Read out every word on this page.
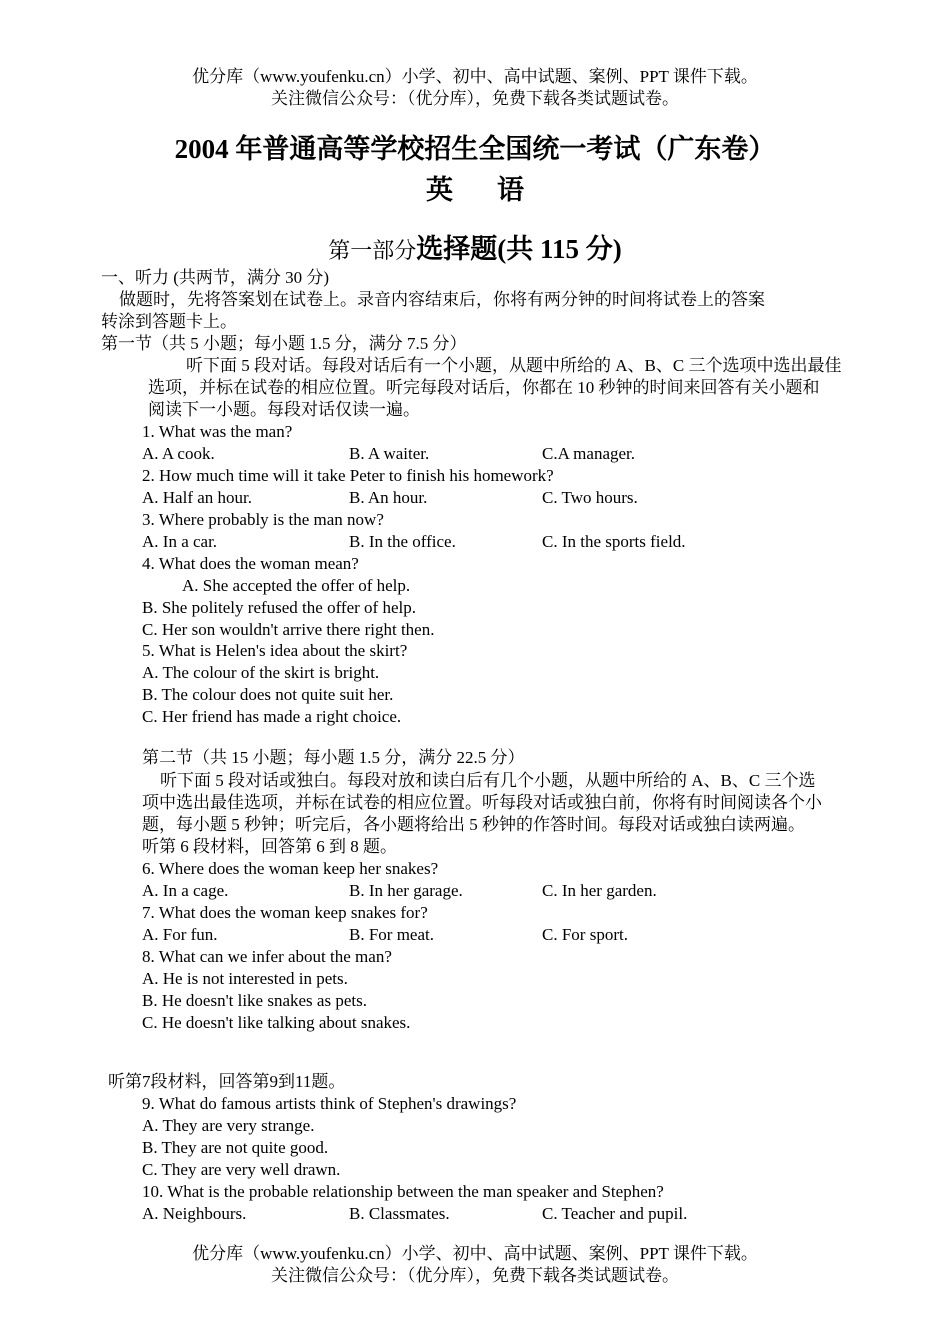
优分库（www.youfenku.cn）小学、初中、高中试题、案例、PPT 课件下载。
关注微信公众号：（优分库），免费下载各类试题试卷。
2004 年普通高等学校招生全国统一考试（广东卷）
英 语
第一部分选择题(共 115 分)
一、听力 (共两节，满分 30 分)
做题时，先将答案划在试卷上。录音内容结束后，你将有两分钟的时间将试卷上的答案
转涂到答题卡上。
第一节（共 5 小题；每小题 1.5 分，满分 7.5 分）
听下面 5 段对话。每段对话后有一个小题，从题中所给的 A、B、C 三个选项中选出最佳
选项，并标在试卷的相应位置。听完每段对话后，你都在 10 秒钟的时间来回答有关小题和
阅读下一小题。每段对话仅读一遍。
1. What was the man?
A. A cook.	B. A waiter.	C.A manager.
2. How much time will it take Peter to finish his homework?
A. Half an hour.	B. An hour.	C. Two hours.
3. Where probably is the man now?
A. In a car.	B. In the office.	C. In the sports field.
4. What does the woman mean?
A. She accepted the offer of help.
B. She politely refused the offer of help.
C. Her son wouldn't arrive there right then.
5. What is Helen's idea about the skirt?
A. The colour of the skirt is bright.
B. The colour does not quite suit her.
C. Her friend has made a right choice.
第二节（共 15 小题；每小题 1.5 分，满分 22.5 分）
听下面 5 段对话或独白。每段对放和读白后有几个小题，从题中所给的 A、B、C 三个选
项中选出最佳选项，并标在试卷的相应位置。听每段对话或独白前，你将有时间阅读各个小
题，每小题 5 秒钟；听完后，各小题将给出 5 秒钟的作答时间。每段对话或独白读两遍。
听第 6 段材料，回答第 6 到 8 题。
6. Where does the woman keep her snakes?
A. In a cage.	B. In her garage.	C. In her garden.
7. What does the woman keep snakes for?
A. For fun.	B. For meat.	C. For sport.
8. What can we infer about the man?
A. He is not interested in pets.
B. He doesn't like snakes as pets.
C. He doesn't like talking about snakes.
听第7段材料，回答第9到11题。
9. What do famous artists think of Stephen's drawings?
A. They are very strange.
B. They are not quite good.
C. They are very well drawn.
10. What is the probable relationship between the man speaker and Stephen?
A. Neighbours.	B. Classmates.	C. Teacher and pupil.
优分库（www.youfenku.cn）小学、初中、高中试题、案例、PPT 课件下载。
关注微信公众号：（优分库），免费下载各类试题试卷。
